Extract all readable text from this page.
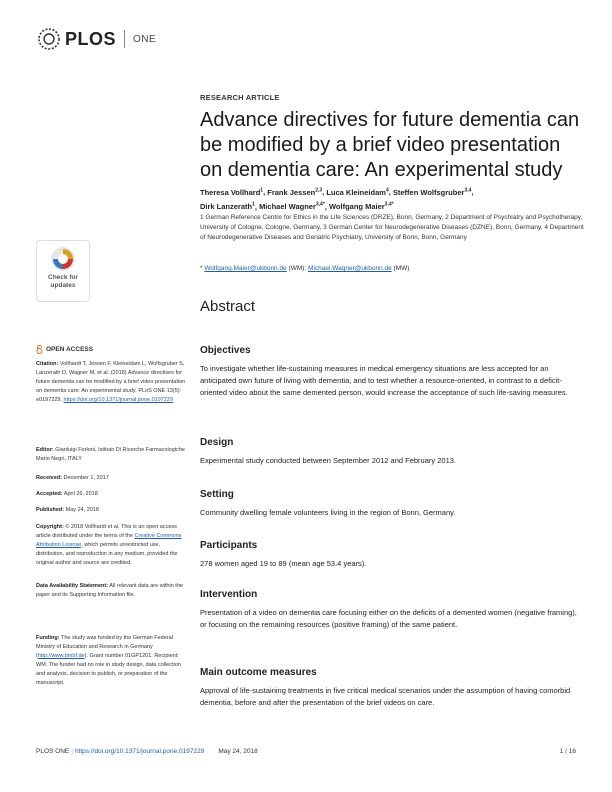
PLOS ONE
Check for
updates
RESEARCH ARTICLE
Advance directives for future dementia can be modified by a brief video presentation on dementia care: An experimental study
Theresa Vollhard$^1$, Frank Jessen$^{2,3}$, Luca Kleineidam$^4$, Steffen Wolfsgruber$^{3,4}$,
Dirk Lanzerath$^1$, Michael Wagner$^{3,4*}$, Wolfgang Maier$^{3,4*}$
1 German Reference Centre for Ethics in the Life Sciences (DRZE), Bonn, Germany, 2 Department of Psychiatry and Psychotherapy, University of Cologne, Cologne, Germany, 3 German Center for Neurodegenerative Diseases (DZNE), Bonn, Germany, 4 Department of Neurodegenerative Diseases and Geriatric Psychiatry, University of Bonn, Bonn, Germany
* Wolfgang.Maier@ukbonn.de (WM); Michael.Wagner@ukbonn.de (MW)
Abstract
Objectives
To investigate whether life-sustaining measures in medical emergency situations are less accepted for an anticipated own future of living with dementia, and to test whether a resource-oriented, in contrast to a deficit-oriented video about the same demented person, would increase the acceptance of such life-saving measures.
Design
Experimental study conducted between September 2012 and February 2013.
Setting
Community dwelling female volunteers living in the region of Bonn, Germany.
Participants
278 women aged 19 to 89 (mean age 53.4 years).
Intervention
Presentation of a video on dementia care focusing either on the deficits of a demented women (negative framing), or focusing on the remaining resources (positive framing) of the same patient.
Main outcome measures
Approval of life-sustaining treatments in five critical medical scenarios under the assumption of having comorbid dementia, before and after the presentation of the brief videos on care.
OPEN ACCESS
Citation: Vollhardt T, Jessen F, Kleineidam L, Wolfsgruber S, Lanzerath D, Wagner M, et al. (2018) Advance directives for future dementia can be modified by a brief video presentation on dementia care: An experimental study. PLoS ONE 13(5): e0197229. https://doi.org/10.1371/journal.pone.0197229
Editor: Gianluigi Forloni, Istituto Di Ricerche Farmacologiche Mario Negri, ITALY
Received: December 1, 2017
Accepted: April 26, 2018
Published: May 24, 2018
Copyright: © 2018 Vollhardt et al. This is an open access article distributed under the terms of the Creative Commons Attribution License, which permits unrestricted use, distribution, and reproduction in any medium, provided the original author and source are credited.
Data Availability Statement: All relevant data are within the paper and its Supporting Information file.
Funding: The study was funded by the German Federal Ministry of Education and Research in Germany (http://www.bmbf.de). Grant number 01GP1201. Recipient: WM. The funder had no role in study design, data collection and analysis, decision to publish, or preparation of the manuscript.
PLOS ONE | https://doi.org/10.1371/journal.pone.0197229 May 24, 2018	1 / 16
